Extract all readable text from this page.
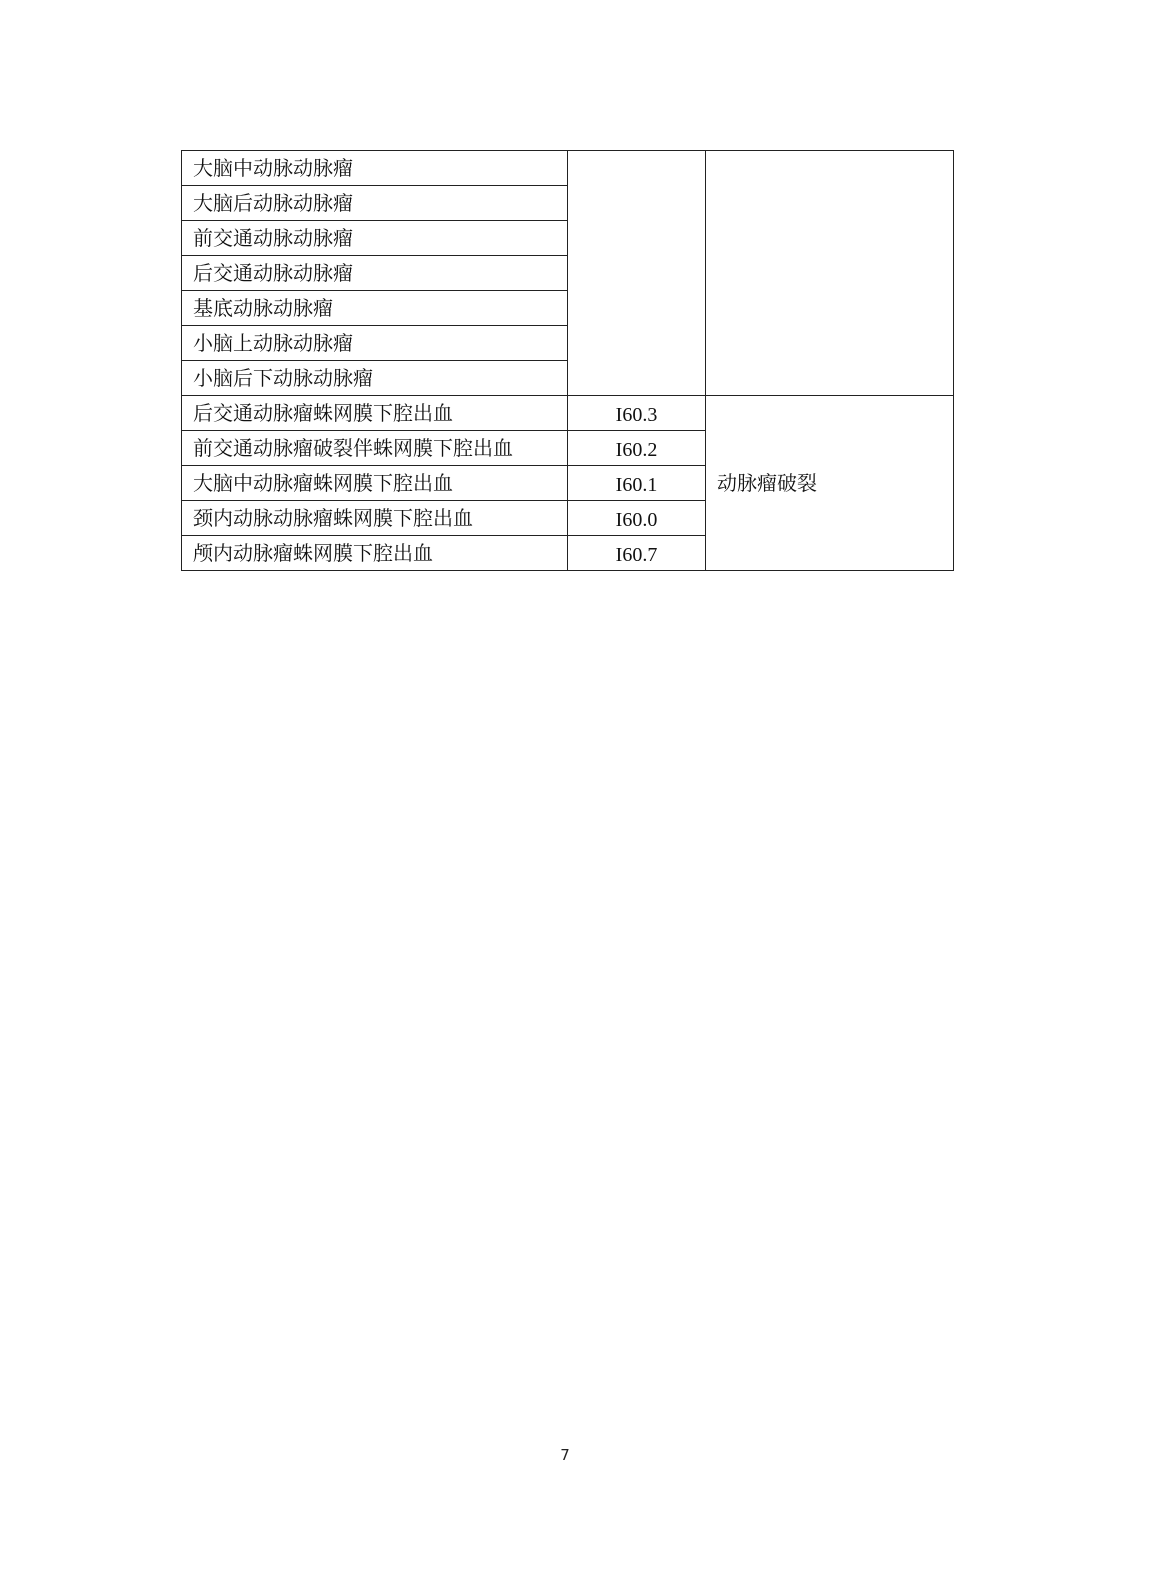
大脑中动脉动脉瘤		
大脑后动脉动脉瘤		
前交通动脉动脉瘤		
后交通动脉动脉瘤		
基底动脉动脉瘤		
小脑上动脉动脉瘤		
小脑后下动脉动脉瘤		
后交通动脉瘤蛛网膜下腔出血	I60.3	动脉瘤破裂
前交通动脉瘤破裂伴蛛网膜下腔出血	I60.2	
大脑中动脉瘤蛛网膜下腔出血	I60.1	
颈内动脉动脉瘤蛛网膜下腔出血	I60.0	
颅内动脉瘤蛛网膜下腔出血	I60.7	
7
